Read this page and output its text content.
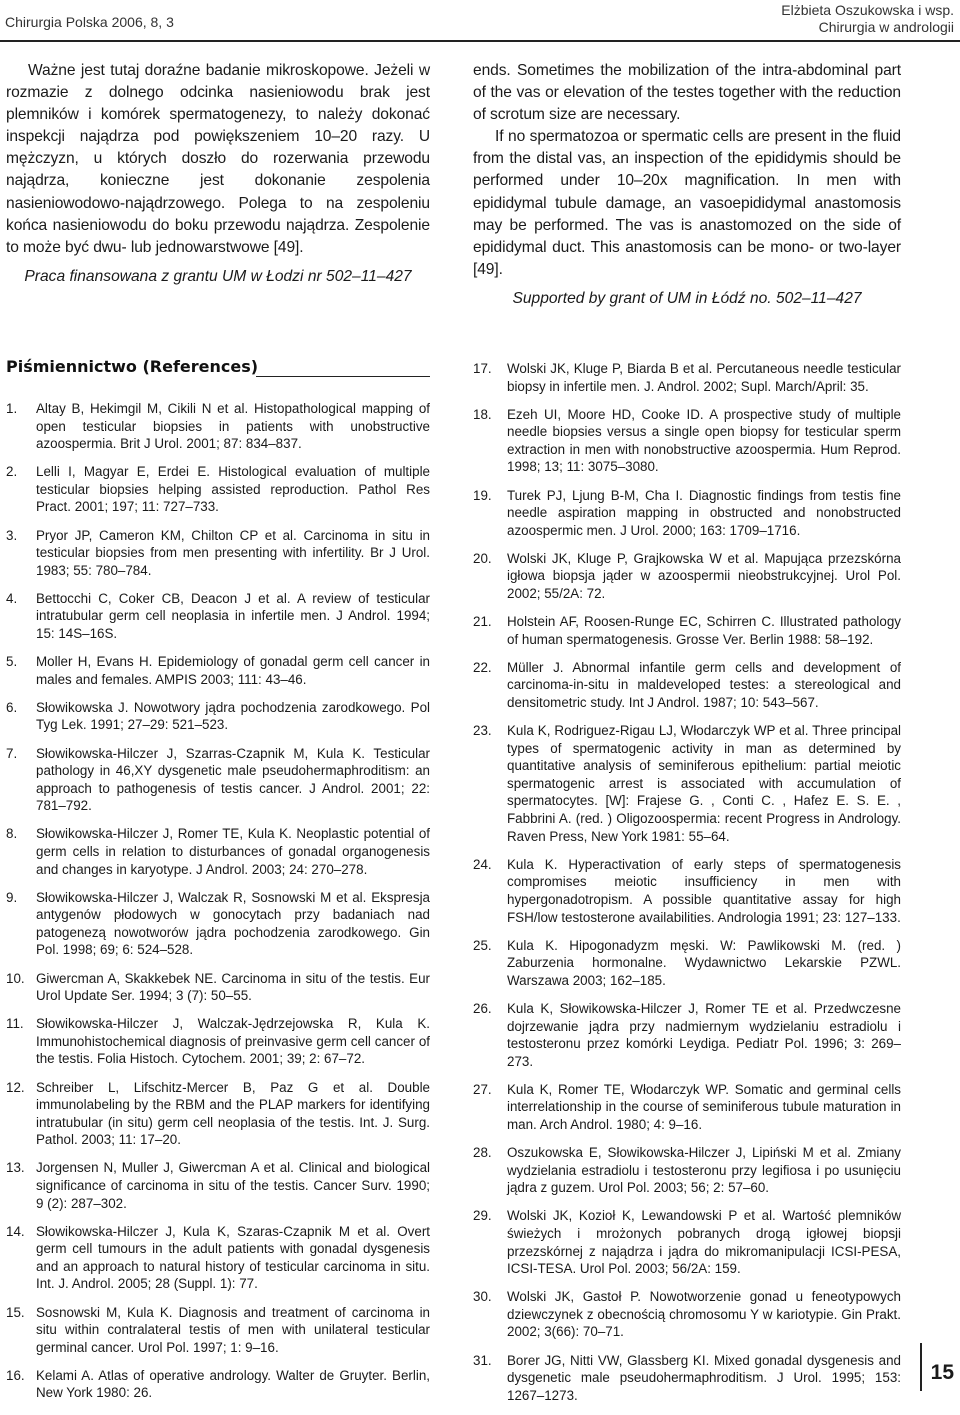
Chirurgia Polska 2006, 8, 3
Elżbieta Oszukowska i wsp.
Chirurgia w andrologii

Ważne jest tutaj doraźne badanie mikroskopowe. Jeżeli w rozmazie z dolnego odcinka nasieniowodu brak jest plemników i komórek spermatogenezy, to należy dokonać inspekcji najądrza pod powiększeniem 10–20 razy. U mężczyzn, u których doszło do rozerwania przewodu najądrza, konieczne jest dokonanie zespolenia nasieniowodowo-najądrzowego. Polega to na zespoleniu końca nasieniowodu do boku przewodu najądrza. Zespolenie to może być dwu- lub jednowarstwowe [49].

Praca finansowana z grantu UM w Łodzi nr 502–11–427

ends. Sometimes the mobilization of the intra-abdominal part of the vas or elevation of the testes together with the reduction of scrotum size are necessary.

If no spermatozoa or spermatic cells are present in the fluid from the distal vas, an inspection of the epididymis should be performed under 10–20x magnification. In men with epididymal tubule damage, an vasoepididymal anastomosis may be performed. The vas is anastomozed on the side of epididymal duct. This anastomosis can be mono- or two-layer [49].

Supported by grant of UM in Łódź no. 502–11–427
Piśmiennictwo (References)

1. Altay B, Hekimgil M, Cikili N et al. Histopathological mapping of open testicular biopsies in patients with unobstructive azoospermia. Brit J Urol. 2001; 87: 834–837.

2. Lelli I, Magyar E, Erdei E. Histological evaluation of multiple testicular biopsies helping assisted reproduction. Pathol Res Pract. 2001; 197; 11: 727–733.

3. Pryor JP, Cameron KM, Chilton CP et al. Carcinoma in situ in testicular biopsies from men presenting with infertility. Br J Urol. 1983; 55: 780–784.

4. Bettocchi C, Coker CB, Deacon J et al. A review of testicular intratubular germ cell neoplasia in infertile men. J Androl. 1994; 15: 14S–16S.

5. Moller H, Evans H. Epidemiology of gonadal germ cell cancer in males and females. AMPIS 2003; 111: 43–46.

6. Słowikowska J. Nowotwory jądra pochodzenia zarodkowego. Pol Tyg Lek. 1991; 27–29: 521–523.

7. Słowikowska-Hilczer J, Szarras-Czapnik M, Kula K. Testicular pathology in 46,XY dysgenetic male pseudohermaphroditism: an approach to pathogenesis of testis cancer. J Androl. 2001; 22: 781–792.

8. Słowikowska-Hilczer J, Romer TE, Kula K. Neoplastic potential of germ cells in relation to disturbances of gonadal organogenesis and changes in karyotype. J Androl. 2003; 24: 270–278.

9. Słowikowska-Hilczer J, Walczak R, Sosnowski M et al. Ekspresja antygenów płodowych w gonocytach przy badaniach nad patogenezą nowotworów jądra pochodzenia zarodkowego. Gin Pol. 1998; 69; 6: 524–528.

10. Giwercman A, Skakkebek NE. Carcinoma in situ of the testis. Eur Urol Update Ser. 1994; 3 (7): 50–55.

11. Słowikowska-Hilczer J, Walczak-Jędrzejowska R, Kula K. Immunohistochemical diagnosis of preinvasive germ cell cancer of the testis. Folia Histoch. Cytochem. 2001; 39; 2: 67–72.

12. Schreiber L, Lifschitz-Mercer B, Paz G et al. Double immunolabeling by the RBM and the PLAP markers for identifying intratubular (in situ) germ cell neoplasia of the testis. Int. J. Surg. Pathol. 2003; 11: 17–20.

13. Jorgensen N, Muller J, Giwercman A et al. Clinical and biological significance of carcinoma in situ of the testis. Cancer Surv. 1990; 9 (2): 287–302.

14. Słowikowska-Hilczer J, Kula K, Szaras-Czapnik M et al. Overt germ cell tumours in the adult patients with gonadal dysgenesis and an approach to natural history of testicular carcinoma in situ. Int. J. Androl. 2005; 28 (Suppl. 1): 77.

15. Sosnowski M, Kula K. Diagnosis and treatment of carcinoma in situ within contralateral testis of men with unilateral testicular germinal cancer. Urol Pol. 1997; 1: 9–16.

16. Kelami A. Atlas of operative andrology. Walter de Gruyter. Berlin, New York 1980: 26.

17. Wolski JK, Kluge P, Biarda B et al. Percutaneous needle testicular biopsy in infertile men. J. Androl. 2002; Supl. March/April: 35.

18. Ezeh UI, Moore HD, Cooke ID. A prospective study of multiple needle biopsies versus a single open biopsy for testicular sperm extraction in men with nonobstructive azoospermia. Hum Reprod. 1998; 13; 11: 3075–3080.

19. Turek PJ, Ljung B-M, Cha I. Diagnostic findings from testis fine needle aspiration mapping in obstructed and nonobstructed azoospermic men. J Urol. 2000; 163: 1709–1716.

20. Wolski JK, Kluge P, Grajkowska W et al. Mapująca przezskórna igłowa biopsja jąder w azoospermii nieobstrukcyjnej. Urol Pol. 2002; 55/2A: 72.

21. Holstein AF, Roosen-Runge EC, Schirren C. Illustrated pathology of human spermatogenesis. Grosse Ver. Berlin 1988: 58–192.

22. Müller J. Abnormal infantile germ cells and development of carcinoma-in-situ in maldeveloped testes: a stereological and densitometric study. Int J Androl. 1987; 10: 543–567.

23. Kula K, Rodriguez-Rigau LJ, Włodarczyk WP et al. Three principal types of spermatogenic activity in man as determined by quantitative analysis of seminiferous epithelium: partial meiotic spermatogenic arrest is associated with accumulation of spermatocytes. [W]: Frajese G. , Conti C. , Hafez E. S. E. , Fabbrini A. (red. ) Oligozoospermia: recent Progress in Andrology. Raven Press, New York 1981: 55–64.

24. Kula K. Hyperactivation of early steps of spermatogenesis compromises meiotic insufficiency in men with hypergonadotropism. A possible quantitative assay for high FSH/low testosterone availabilities. Andrologia 1991; 23: 127–133.

25. Kula K. Hipogonadyzm męski. W: Pawlikowski M. (red. ) Zaburzenia hormonalne. Wydawnictwo Lekarskie PZWL. Warszawa 2003; 162–185.

26. Kula K, Słowikowska-Hilczer J, Romer TE et al. Przedwczesne dojrzewanie jądra przy nadmiernym wydzielaniu estradiolu i testosteronu przez komórki Leydiga. Pediatr Pol. 1996; 3: 269–273.

27. Kula K, Romer TE, Włodarczyk WP. Somatic and germinal cells interrelationship in the course of seminiferous tubule maturation in man. Arch Androl. 1980; 4: 9–16.

28. Oszukowska E, Słowikowska-Hilczer J, Lipiński M et al. Zmiany wydzielania estradiolu i testosteronu przy legifiosa i po usunięciu jądra z guzem. Urol Pol. 2003; 56; 2: 57–60.

29. Wolski JK, Kozioł K, Lewandowski P et al. Wartość plemników świeżych i mrożonych pobranych drogą igłowej biopsji przezskórnej z najądrza i jądra do mikromanipulacji ICSI-PESA, ICSI-TESA. Urol Pol. 2003; 56/2A: 159.

30. Wolski JK, Gastoł P. Nowotworzenie gonad u feneotypowych dziewczynek z obecnością chromosomu Y w kariotypie. Gin Prakt. 2002; 3(66): 70–71.

31. Borer JG, Nitti VW, Glassberg KI. Mixed gonadal dysgenesis and dysgenetic male pseudohermaphroditism. J Urol. 1995; 153: 1267–1273.

15
